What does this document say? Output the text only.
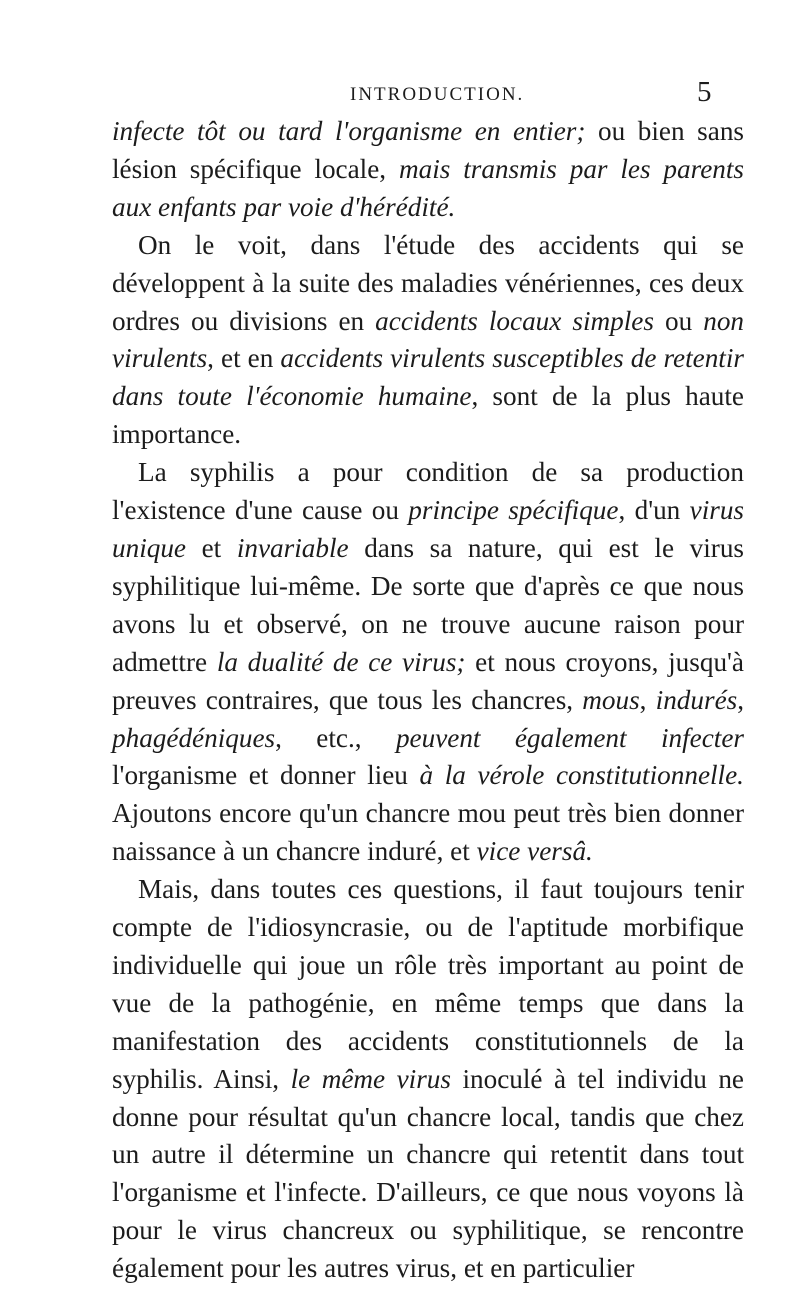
INTRODUCTION.	5

infecte tôt ou tard l'organisme en entier; ou bien sans lésion spécifique locale, mais transmis par les parents aux enfants par voie d'hérédité.

On le voit, dans l'étude des accidents qui se développent à la suite des maladies vénériennes, ces deux ordres ou divisions en accidents locaux simples ou non virulents, et en accidents virulents susceptibles de retentir dans toute l'économie humaine, sont de la plus haute importance.

La syphilis a pour condition de sa production l'existence d'une cause ou principe spécifique, d'un virus unique et invariable dans sa nature, qui est le virus syphilitique lui-même. De sorte que d'après ce que nous avons lu et observé, on ne trouve aucune raison pour admettre la dualité de ce virus; et nous croyons, jusqu'à preuves contraires, que tous les chancres, mous, indurés, phagédéniques, etc., peuvent également infecter l'organisme et donner lieu à la vérole constitutionnelle. Ajoutons encore qu'un chancre mou peut très bien donner naissance à un chancre induré, et vice versâ.

Mais, dans toutes ces questions, il faut toujours tenir compte de l'idiosyncrasie, ou de l'aptitude morbifique individuelle qui joue un rôle très important au point de vue de la pathogénie, en même temps que dans la manifestation des accidents constitutionnels de la syphilis. Ainsi, le même virus inoculé à tel individu ne donne pour résultat qu'un chancre local, tandis que chez un autre il détermine un chancre qui retentit dans tout l'organisme et l'infecte. D'ailleurs, ce que nous voyons là pour le virus chancreux ou syphilitique, se rencontre également pour les autres virus, et en particulier
